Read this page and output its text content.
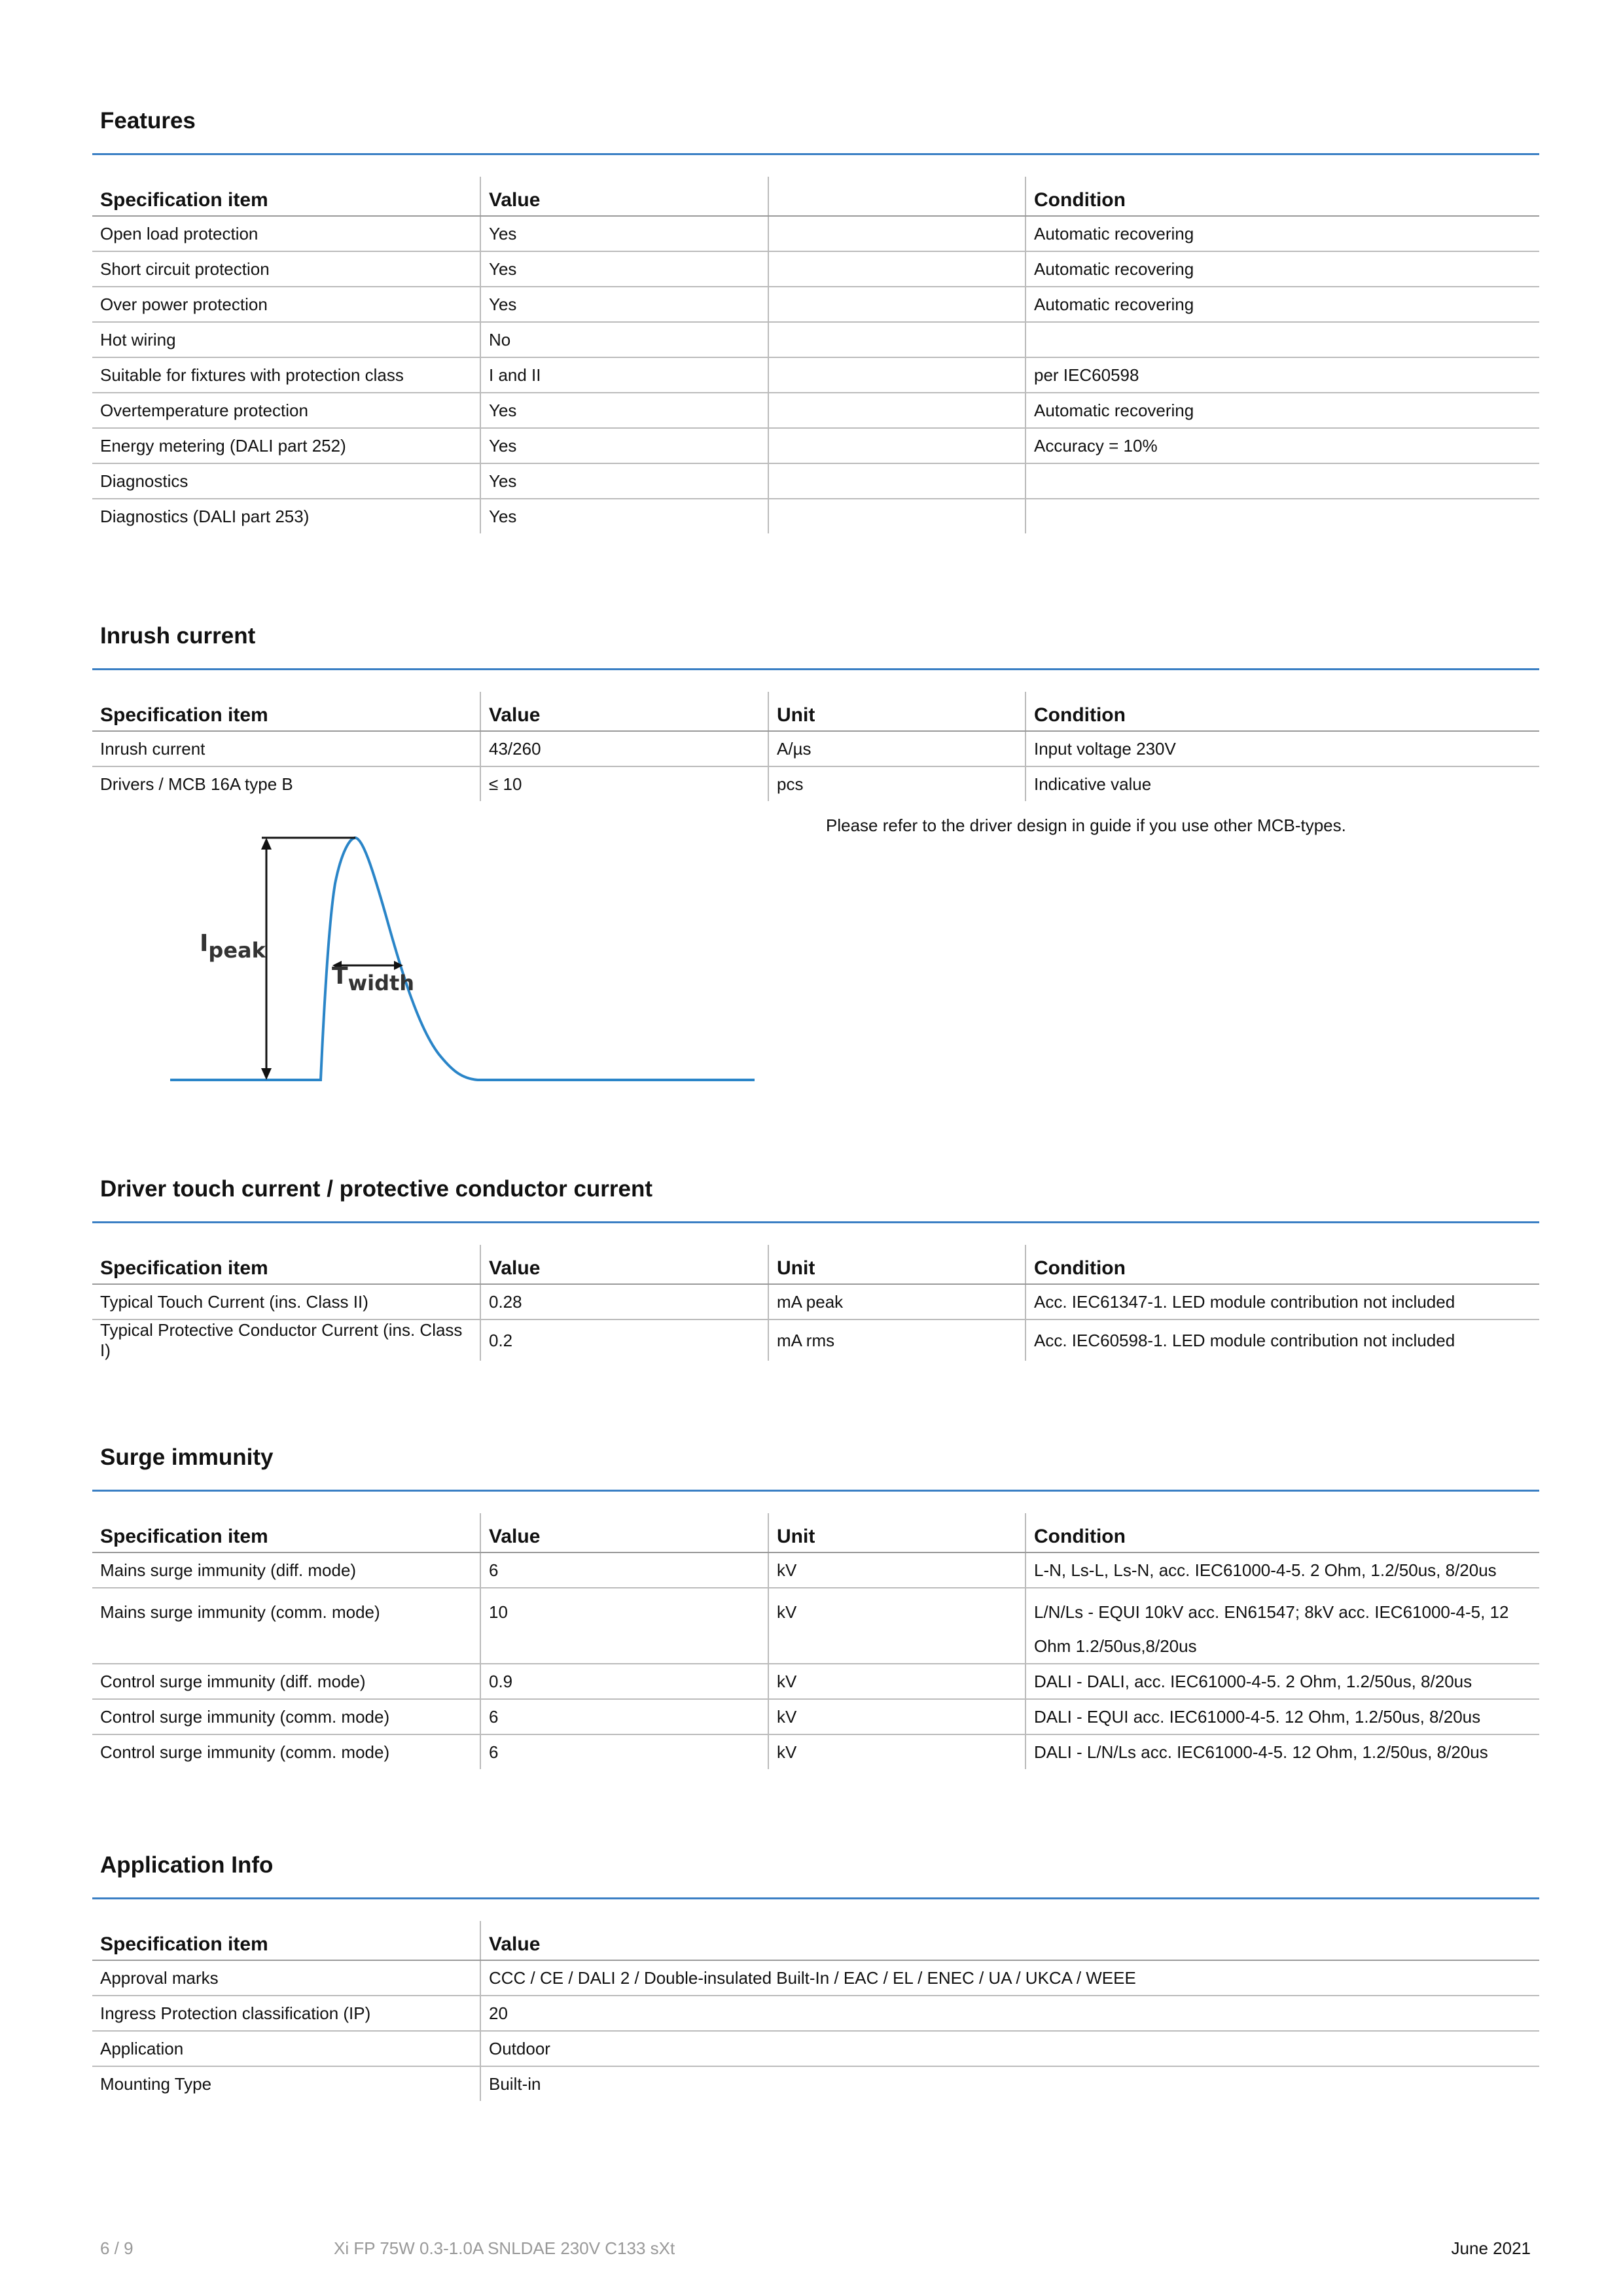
Features
Specification item	Value		Condition
Open load protection	Yes		Automatic recovering
Short circuit protection	Yes		Automatic recovering
Over power protection	Yes		Automatic recovering
Hot wiring	No		
Suitable for fixtures with protection class	I and II		per IEC60598
Overtemperature protection	Yes		Automatic recovering
Energy metering (DALI part 252)	Yes		Accuracy = 10%
Diagnostics	Yes		
Diagnostics (DALI part 253)	Yes		
Inrush current
Specification item	Value	Unit	Condition
Inrush current	43/260	A/µs	Input voltage 230V
Drivers / MCB 16A type B	≤ 10	pcs	Indicative value
Please refer to the driver design in guide if you use other MCB-types.
Ipeak
Twidth
Driver touch current / protective conductor current
Specification item	Value	Unit	Condition
Typical Touch Current (ins. Class II)	0.28	mA peak	Acc. IEC61347-1. LED module contribution not included
Typical Protective Conductor Current (ins. Class I)	0.2	mA rms	Acc. IEC60598-1. LED module contribution not included
Surge immunity
Specification item	Value	Unit	Condition
Mains surge immunity (diff. mode)	6	kV	L-N, Ls-L, Ls-N, acc. IEC61000-4-5. 2 Ohm, 1.2/50us, 8/20us
Mains surge immunity (comm. mode)	10	kV	L/N/Ls - EQUI 10kV acc. EN61547; 8kV acc. IEC61000-4-5, 12 Ohm 1.2/50us,8/20us
Control surge immunity (diff. mode)	0.9	kV	DALI - DALI, acc. IEC61000-4-5. 2 Ohm, 1.2/50us, 8/20us
Control surge immunity (comm. mode)	6	kV	DALI - EQUI acc. IEC61000-4-5. 12 Ohm, 1.2/50us, 8/20us
Control surge immunity (comm. mode)	6	kV	DALI - L/N/Ls acc. IEC61000-4-5. 12 Ohm, 1.2/50us, 8/20us
Application Info
Specification item	Value
Approval marks	CCC / CE / DALI 2 / Double-insulated Built-In / EAC / EL / ENEC / UA / UKCA / WEEE
Ingress Protection classification (IP)	20
Application	Outdoor
Mounting Type	Built-in
6 / 9	Xi FP 75W 0.3-1.0A SNLDAE 230V C133 sXt	June 2021
